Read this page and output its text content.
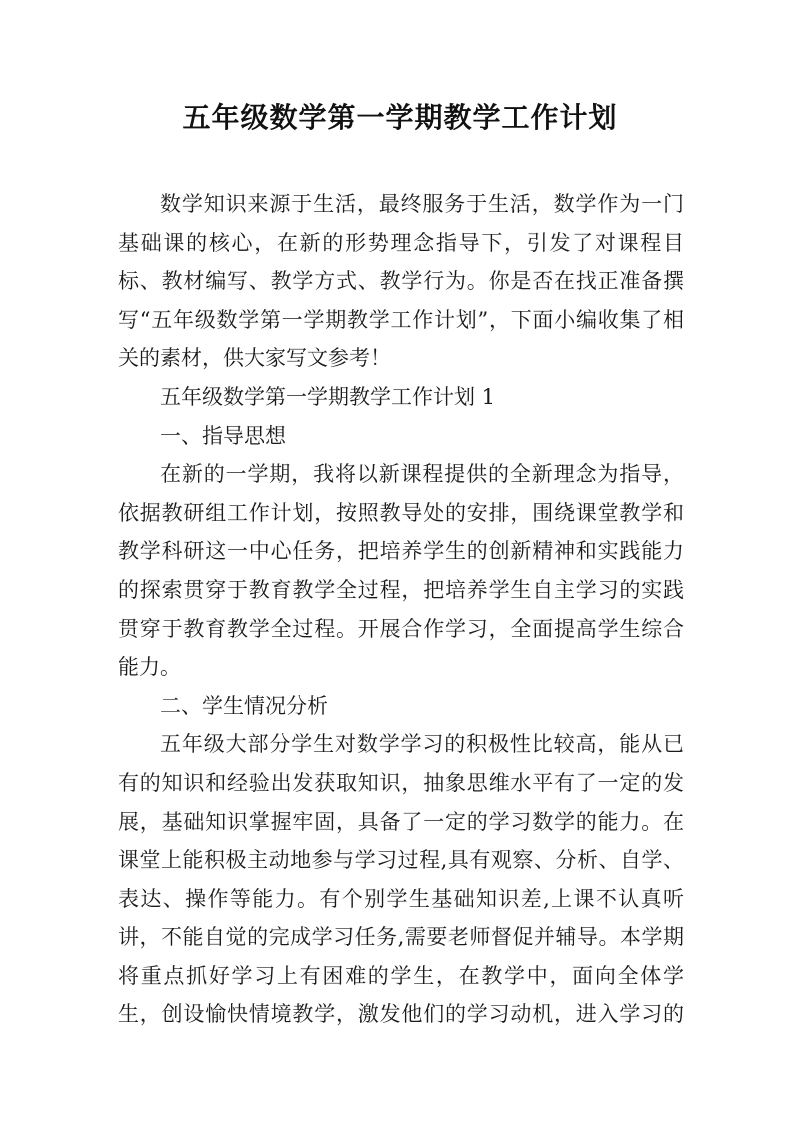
五年级数学第一学期教学工作计划

数学知识来源于生活，最终服务于生活，数学作为一门基础课的核心，在新的形势理念指导下，引发了对课程目标、教材编写、教学方式、教学行为。你是否在找正准备撰写“五年级数学第一学期教学工作计划”，下面小编收集了相关的素材，供大家写文参考！

五年级数学第一学期教学工作计划 1

一、指导思想

在新的一学期，我将以新课程提供的全新理念为指导，依据教研组工作计划，按照教导处的安排，围绕课堂教学和教学科研这一中心任务，把培养学生的创新精神和实践能力的探索贯穿于教育教学全过程，把培养学生自主学习的实践贯穿于教育教学全过程。开展合作学习，全面提高学生综合能力。

二、学生情况分析

五年级大部分学生对数学学习的积极性比较高，能从已有的知识和经验出发获取知识，抽象思维水平有了一定的发展，基础知识掌握牢固，具备了一定的学习数学的能力。在课堂上能积极主动地参与学习过程,具有观察、分析、自学、表达、操作等能力。有个别学生基础知识差,上课不认真听讲，不能自觉的完成学习任务,需要老师督促并辅导。本学期将重点抓好学习上有困难的学生，在教学中，面向全体学生，创设愉快情境教学，激发他们的学习动机，进入学习的
